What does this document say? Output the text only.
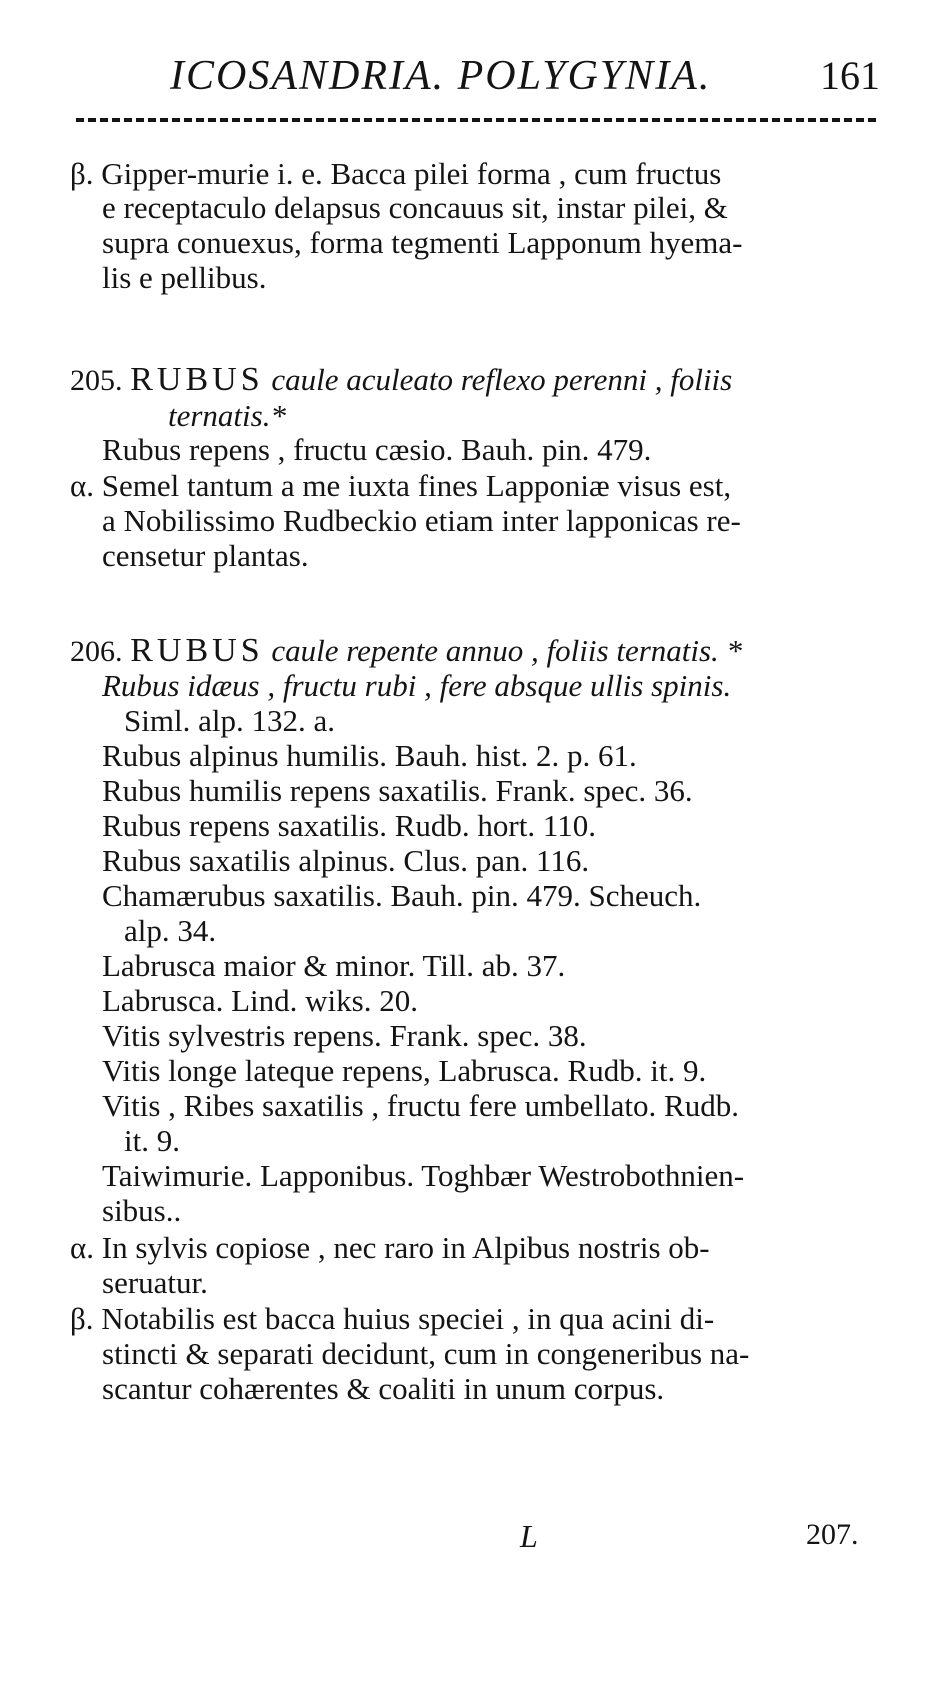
ICOSANDRIA. POLYGYNIA.	161
β. Gipper-murie i. e. Bacca pilei forma , cum fructus
e receptaculo delapsus concauus sit, instar pilei, &
supra conuexus, forma tegmenti Lapponum hyema-
lis e pellibus.
205. RUBUS caule aculeato reflexo perenni , foliis
ternatis.*
Rubus repens , fructu cæsio. Bauh. pin. 479.
α. Semel tantum a me iuxta fines Lapponiæ visus est,
a Nobilissimo Rudbeckio etiam inter lapponicas re-
censetur plantas.
206. RUBUS caule repente annuo , foliis ternatis. *
Rubus idæus , fructu rubi , fere absque ullis spinis.
Siml. alp. 132. a.
Rubus alpinus humilis. Bauh. hist. 2. p. 61.
Rubus humilis repens saxatilis. Frank. spec. 36.
Rubus repens saxatilis. Rudb. hort. 110.
Rubus saxatilis alpinus. Clus. pan. 116.
Chamærubus saxatilis. Bauh. pin. 479. Scheuch.
alp. 34.
Labrusca maior & minor. Till. ab. 37.
Labrusca. Lind. wiks. 20.
Vitis sylvestris repens. Frank. spec. 38.
Vitis longe lateque repens, Labrusca. Rudb. it. 9.
Vitis , Ribes saxatilis , fructu fere umbellato. Rudb.
it. 9.
Taiwimurie. Lapponibus. Toghbær Westrobothnien-
sibus..
α. In sylvis copiose , nec raro in Alpibus nostris ob-
seruatur.
β. Notabilis est bacca huius speciei , in qua acini di-
stincti & separati decidunt, cum in congeneribus na-
scantur cohærentes & coaliti in unum corpus.
L	207.
